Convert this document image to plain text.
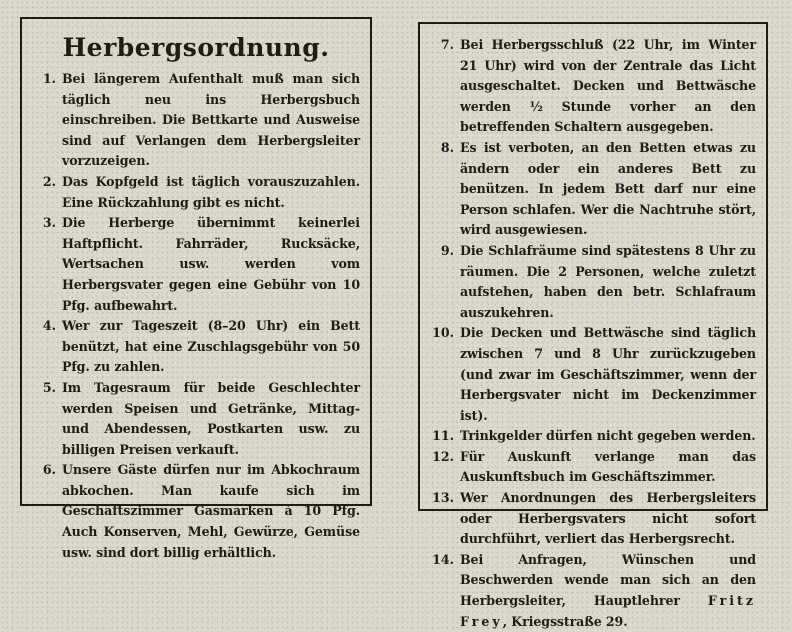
Herbergsordnung.
1. Bei längerem Aufenthalt muß man sich täglich neu ins Herbergsbuch einschreiben. Die Bettkarte und Ausweise sind auf Verlangen dem Herbergsleiter vorzuzeigen.
2. Das Kopfgeld ist täglich vorauszuzahlen. Eine Rückzahlung gibt es nicht.
3. Die Herberge übernimmt keinerlei Haftpflicht. Fahrräder, Rucksäcke, Wertsachen usw. werden vom Herbergsvater gegen eine Gebühr von 10 Pfg. aufbewahrt.
4. Wer zur Tageszeit (8–20 Uhr) ein Bett benützt, hat eine Zuschlagsgebühr von 50 Pfg. zu zahlen.
5. Im Tagesraum für beide Geschlechter werden Speisen und Getränke, Mittag- und Abendessen, Postkarten usw. zu billigen Preisen verkauft.
6. Unsere Gäste dürfen nur im Abkochraum abkochen. Man kaufe sich im Geschäftszimmer Gasmarken à 10 Pfg. Auch Konserven, Mehl, Gewürze, Gemüse usw. sind dort billig erhältlich.
7. Bei Herbergsschluß (22 Uhr, im Winter 21 Uhr) wird von der Zentrale das Licht ausgeschaltet. Decken und Bettwäsche werden ½ Stunde vorher an den betreffenden Schaltern ausgegeben.
8. Es ist verboten, an den Betten etwas zu ändern oder ein anderes Bett zu benützen. In jedem Bett darf nur eine Person schlafen. Wer die Nachtruhe stört, wird ausgewiesen.
9. Die Schlafräume sind spätestens 8 Uhr zu räumen. Die 2 Personen, welche zuletzt aufstehen, haben den betr. Schlafraum auszukehren.
10. Die Decken und Bettwäsche sind täglich zwischen 7 und 8 Uhr zurückzugeben (und zwar im Geschäftszimmer, wenn der Herbergsvater nicht im Deckenzimmer ist).
11. Trinkgelder dürfen nicht gegeben werden.
12. Für Auskunft verlange man das Auskunftsbuch im Geschäftszimmer.
13. Wer Anordnungen des Herbergsleiters oder Herbergsvaters nicht sofort durchführt, verliert das Herbergsrecht.
14. Bei Anfragen, Wünschen und Beschwerden wende man sich an den Herbergsleiter, Hauptlehrer Fritz Frey, Kriegsstraße 29.
